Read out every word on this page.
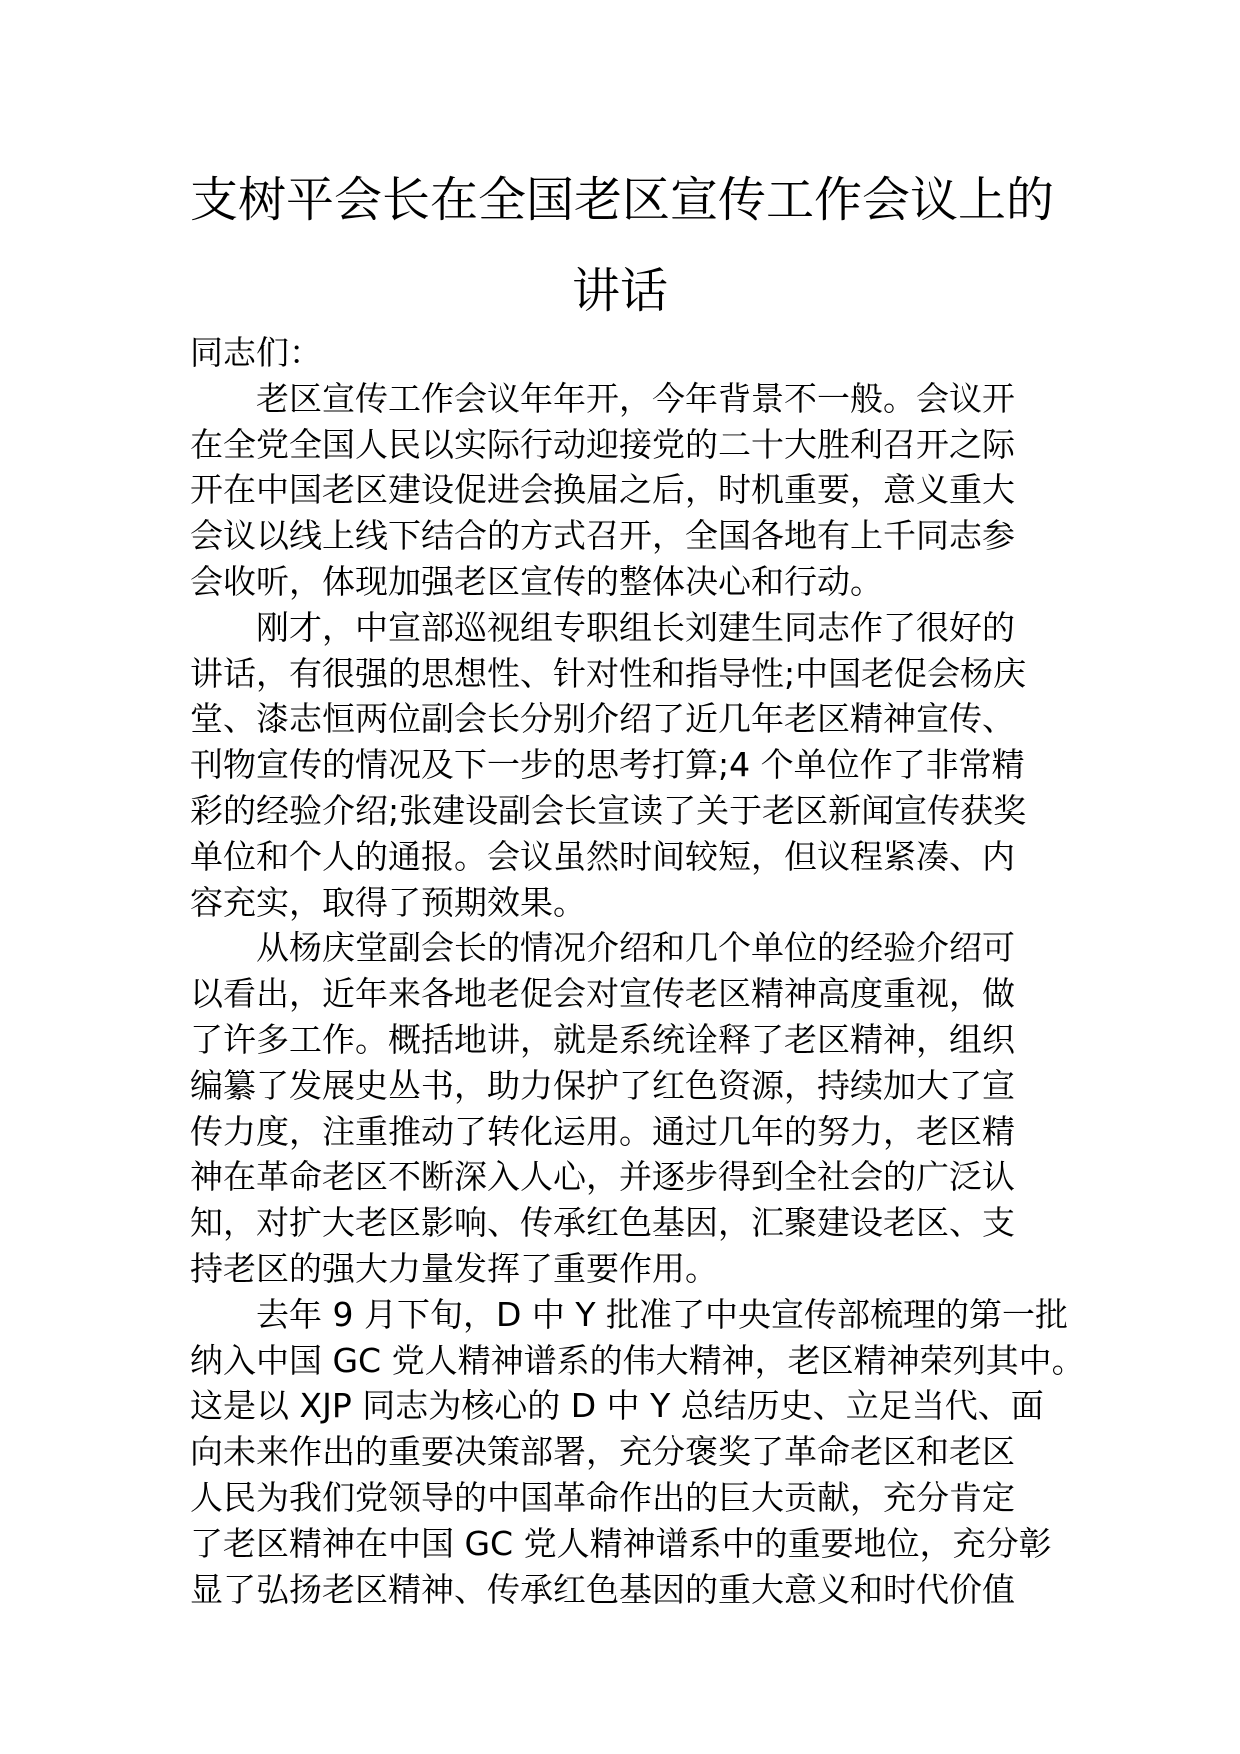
支树平会长在全国老区宣传工作会议上的
讲话
同志们：
老区宣传工作会议年年开，今年背景不一般。会议开
在全党全国人民以实际行动迎接党的二十大胜利召开之际
开在中国老区建设促进会换届之后，时机重要，意义重大
会议以线上线下结合的方式召开，全国各地有上千同志参
会收听，体现加强老区宣传的整体决心和行动。
刚才，中宣部巡视组专职组长刘建生同志作了很好的
讲话，有很强的思想性、针对性和指导性;中国老促会杨庆
堂、漆志恒两位副会长分别介绍了近几年老区精神宣传、
刊物宣传的情况及下一步的思考打算;4 个单位作了非常精
彩的经验介绍;张建设副会长宣读了关于老区新闻宣传获奖
单位和个人的通报。会议虽然时间较短，但议程紧凑、内
容充实，取得了预期效果。
从杨庆堂副会长的情况介绍和几个单位的经验介绍可
以看出，近年来各地老促会对宣传老区精神高度重视，做
了许多工作。概括地讲，就是系统诠释了老区精神，组织
编纂了发展史丛书，助力保护了红色资源，持续加大了宣
传力度，注重推动了转化运用。通过几年的努力，老区精
神在革命老区不断深入人心，并逐步得到全社会的广泛认
知，对扩大老区影响、传承红色基因，汇聚建设老区、支
持老区的强大力量发挥了重要作用。
去年 9 月下旬，D 中 Y 批准了中央宣传部梳理的第一批
纳入中国 GC 党人精神谱系的伟大精神，老区精神荣列其中。
这是以 XJP 同志为核心的 D 中 Y 总结历史、立足当代、面
向未来作出的重要决策部署，充分褒奖了革命老区和老区
人民为我们党领导的中国革命作出的巨大贡献，充分肯定
了老区精神在中国 GC 党人精神谱系中的重要地位，充分彰
显了弘扬老区精神、传承红色基因的重大意义和时代价值
